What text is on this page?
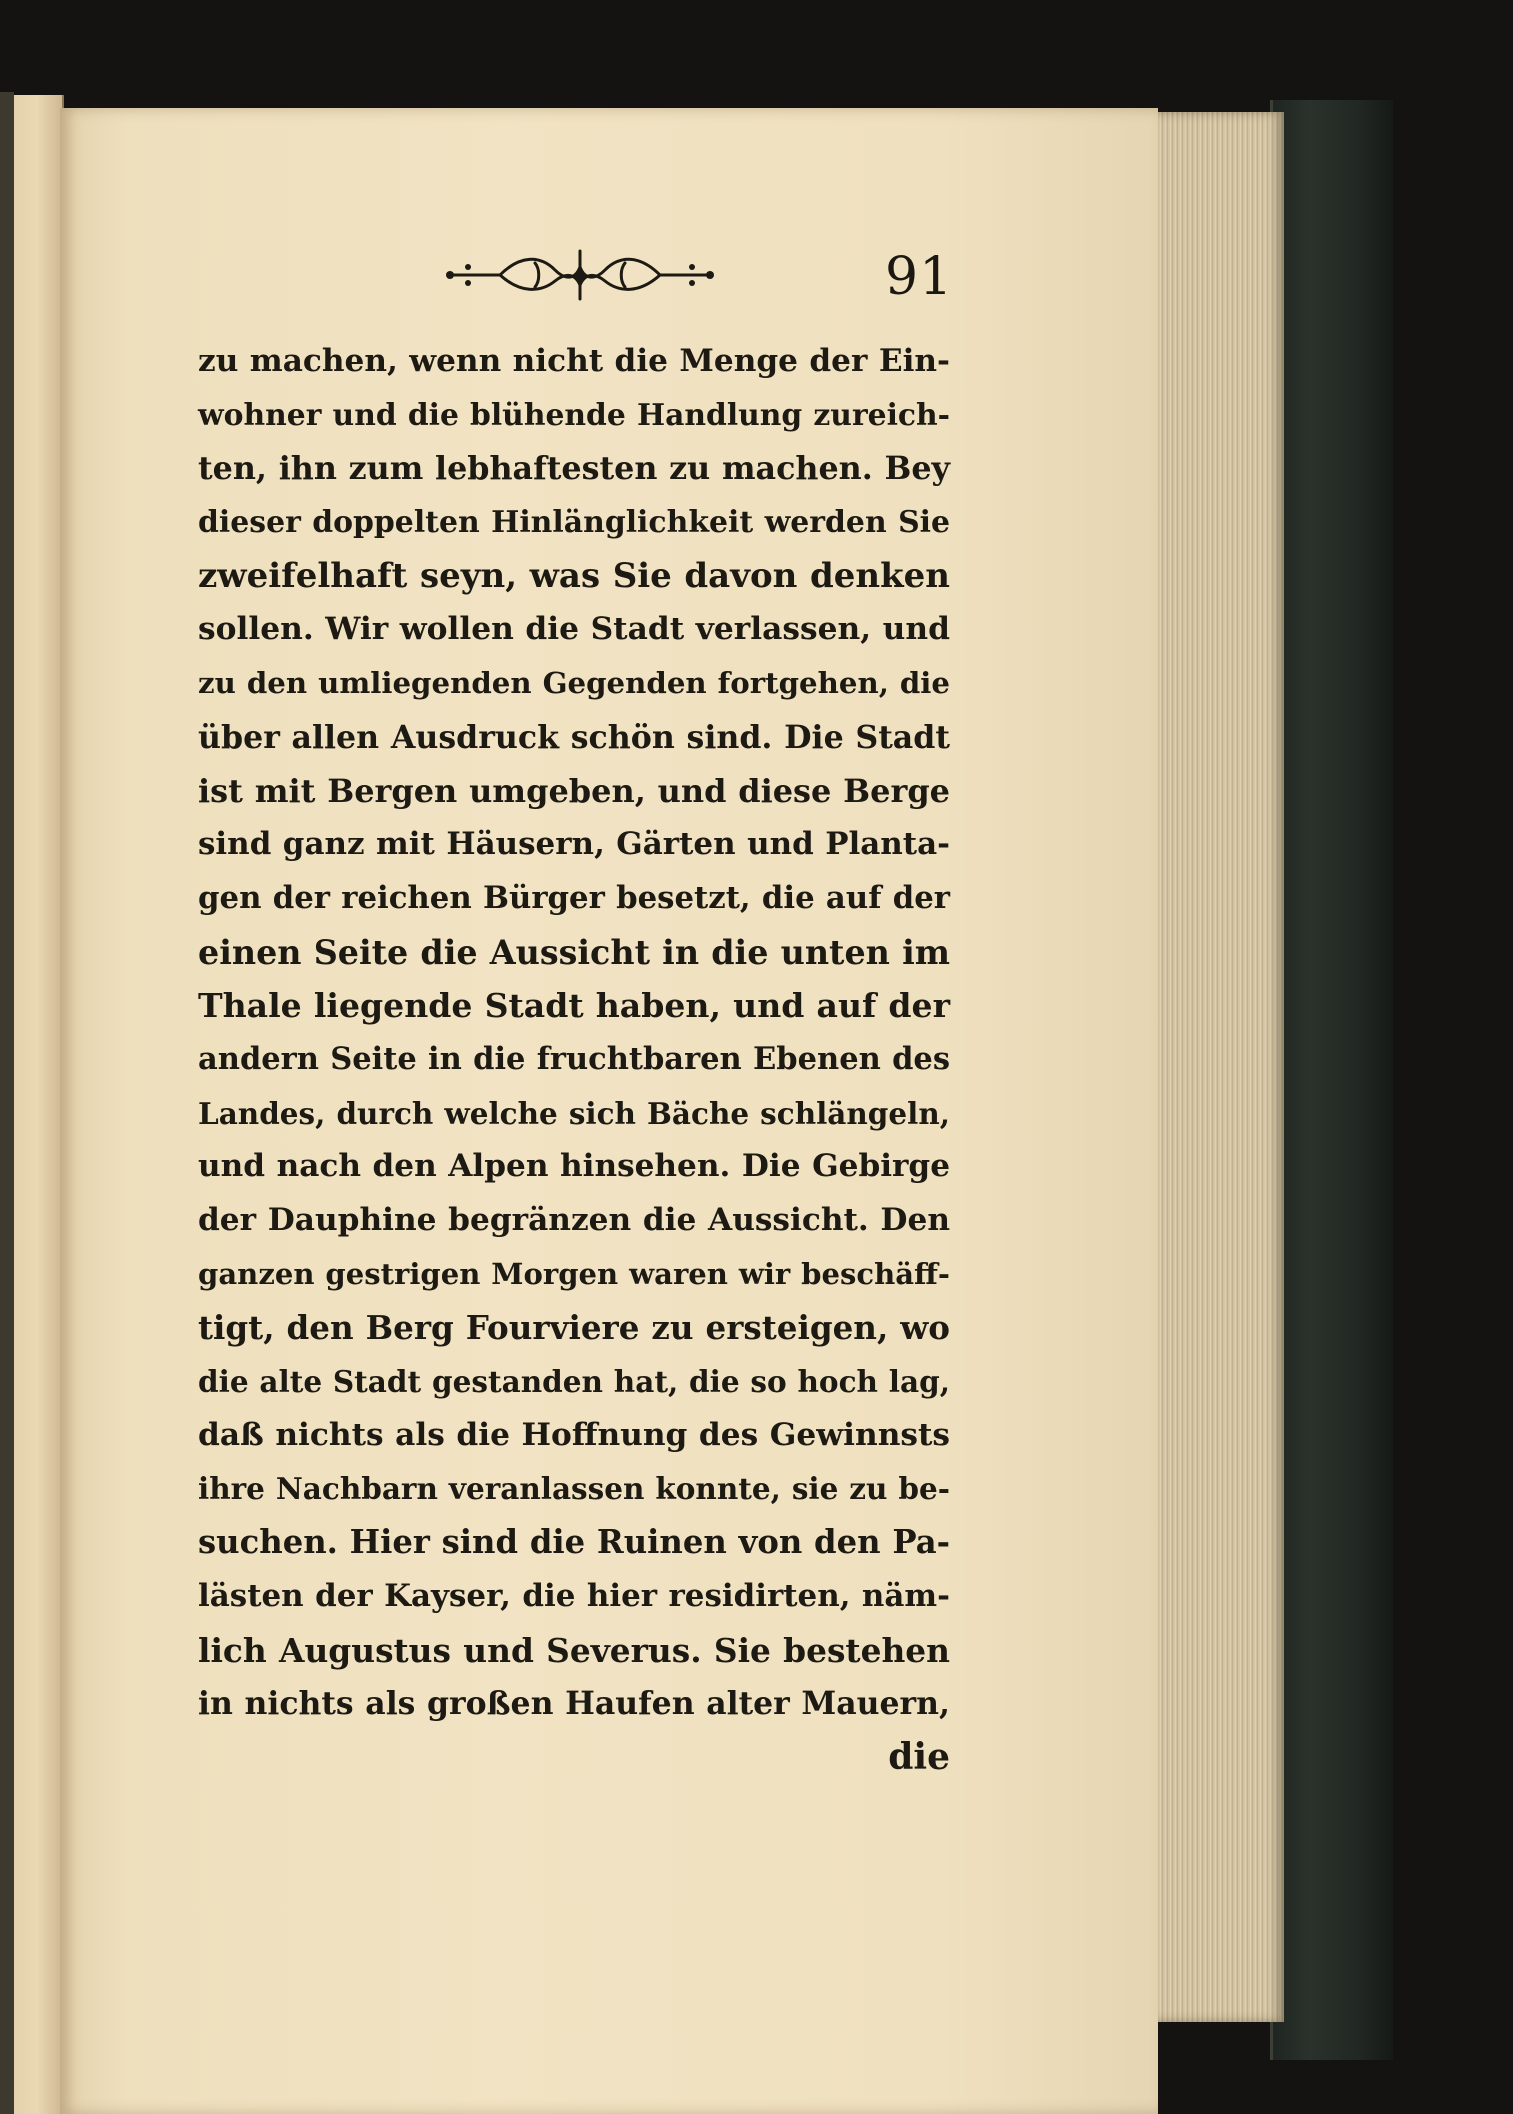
91
zu machen, wenn nicht die Menge der Ein-
wohner und die blühende Handlung zureich-
ten, ihn zum lebhaftesten zu machen. Bey
dieser doppelten Hinlänglichkeit werden Sie
zweifelhaft seyn, was Sie davon denken
sollen. Wir wollen die Stadt verlassen, und
zu den umliegenden Gegenden fortgehen, die
über allen Ausdruck schön sind. Die Stadt
ist mit Bergen umgeben, und diese Berge
sind ganz mit Häusern, Gärten und Planta-
gen der reichen Bürger besetzt, die auf der
einen Seite die Aussicht in die unten im
Thale liegende Stadt haben, und auf der
andern Seite in die fruchtbaren Ebenen des
Landes, durch welche sich Bäche schlängeln,
und nach den Alpen hinsehen. Die Gebirge
der Dauphine begränzen die Aussicht. Den
ganzen gestrigen Morgen waren wir beschäff-
tigt, den Berg Fourviere zu ersteigen, wo
die alte Stadt gestanden hat, die so hoch lag,
daß nichts als die Hoffnung des Gewinnsts
ihre Nachbarn veranlassen konnte, sie zu be-
suchen. Hier sind die Ruinen von den Pa-
lästen der Kayser, die hier residirten, näm-
lich Augustus und Severus. Sie bestehen
in nichts als großen Haufen alter Mauern,
die
